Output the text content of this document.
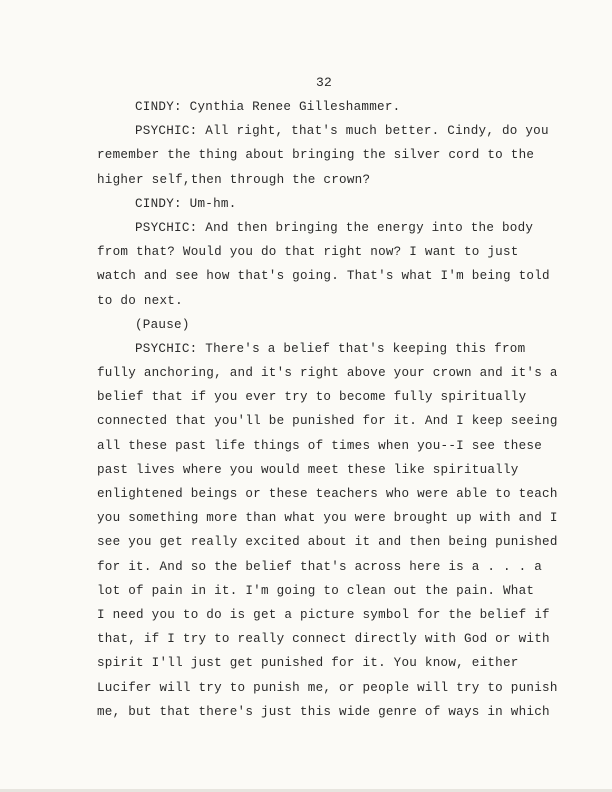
32
CINDY: Cynthia Renee Gilleshammer.
PSYCHIC: All right, that's much better. Cindy, do you
remember the thing about bringing the silver cord to the
higher self,then through the crown?
CINDY: Um-hm.
PSYCHIC: And then bringing the energy into the body
from that? Would you do that right now? I want to just
watch and see how that's going. That's what I'm being told
to do next.
(Pause)
PSYCHIC: There's a belief that's keeping this from
fully anchoring, and it's right above your crown and it's a
belief that if you ever try to become fully spiritually
connected that you'll be punished for it. And I keep seeing
all these past life things of times when you--I see these
past lives where you would meet these like spiritually
enlightened beings or these teachers who were able to teach
you something more than what you were brought up with and I
see you get really excited about it and then being punished
for it. And so the belief that's across here is a . . . a
lot of pain in it. I'm going to clean out the pain. What
I need you to do is get a picture symbol for the belief if
that, if I try to really connect directly with God or with
spirit I'll just get punished for it. You know, either
Lucifer will try to punish me, or people will try to punish
me, but that there's just this wide genre of ways in which
